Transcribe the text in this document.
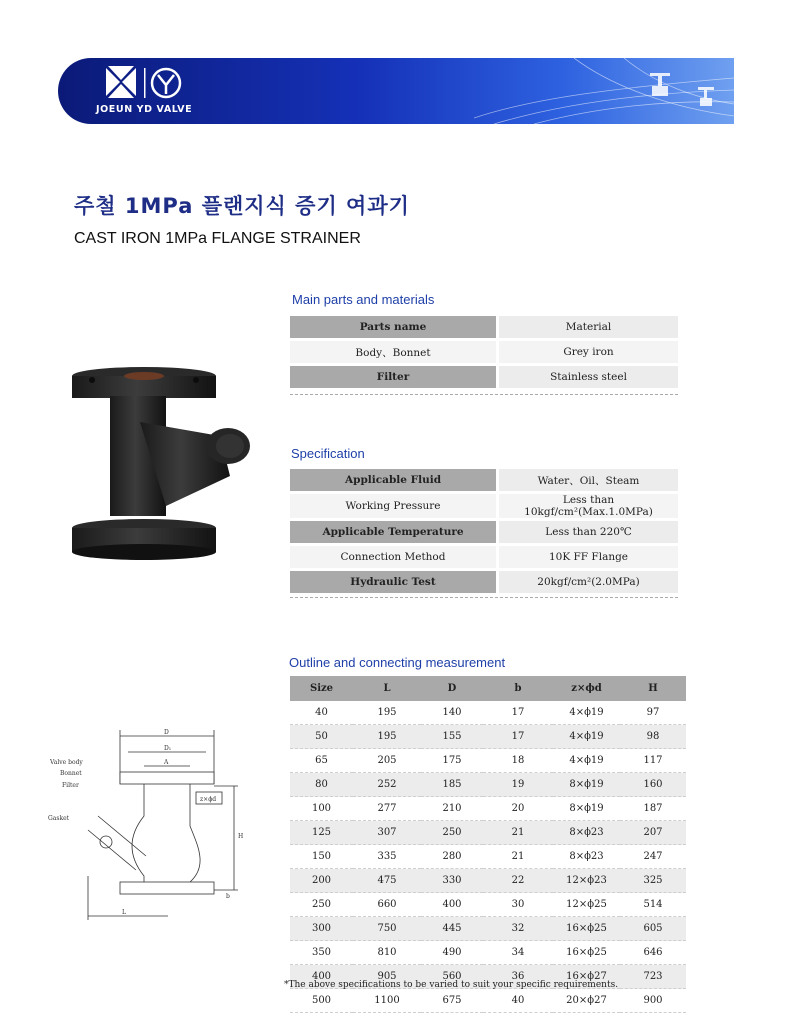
JOEUN YD VALVE
주철 1MPa 플랜지식 증기 여과기
CAST IRON 1MPa FLANGE STRAINER
Main parts and materials
Parts name		Material
Body、Bonnet		Grey iron
Filter		Stainless steel
Specification
Applicable Fluid		Water、Oil、Steam
Working Pressure		Less than 10kgf/cm²(Max.1.0MPa)
Applicable Temperature		Less than 220℃
Connection Method		10K FF Flange
Hydraulic Test		20kgf/cm²(2.0MPa)
Outline and connecting measurement
Size	L	D	b	z×ϕd	H
40	195	140	17	4×ϕ19	97
50	195	155	17	4×ϕ19	98
65	205	175	18	4×ϕ19	117
80	252	185	19	8×ϕ19	160
100	277	210	20	8×ϕ19	187
125	307	250	21	8×ϕ23	207
150	335	280	21	8×ϕ23	247
200	475	330	22	12×ϕ23	325
250	660	400	30	12×ϕ25	514
300	750	445	32	16×ϕ25	605
350	810	490	34	16×ϕ25	646
400	905	560	36	16×ϕ27	723
500	1100	675	40	20×ϕ27	900
Valve body
Bonnet
Filter
Gasket
D
D₁
A
z×ϕd
H
b
L
*The above specifications to be varied to suit your specific requirements.
